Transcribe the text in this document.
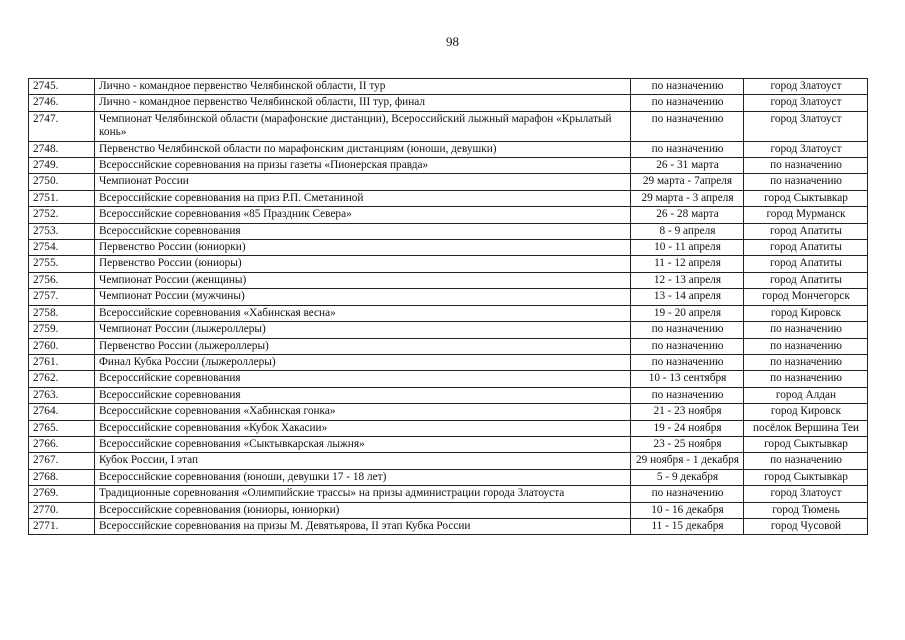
98
2745.	Лично - командное первенство Челябинской области, II тур	по назначению	город Златоуст
2746.	Лично - командное первенство Челябинской области, III тур, финал	по назначению	город Златоуст
2747.	Чемпионат Челябинской области (марафонские дистанции), Всероссийский лыжный марафон «Крылатый конь»	по назначению	город Златоуст
2748.	Первенство Челябинской области по марафонским дистанциям (юноши, девушки)	по назначению	город Златоуст
2749.	Всероссийские соревнования на призы газеты «Пионерская правда»	26 - 31 марта	по назначению
2750.	Чемпионат России	29 марта - 7апреля	по назначению
2751.	Всероссийские соревнования на приз Р.П. Сметаниной	29 марта - 3 апреля	город Сыктывкар
2752.	Всероссийские соревнования «85 Праздник Севера»	26 - 28 марта	город Мурманск
2753.	Всероссийские соревнования	8 - 9 апреля	город Апатиты
2754.	Первенство России (юниорки)	10 - 11 апреля	город Апатиты
2755.	Первенство России (юниоры)	11 - 12 апреля	город Апатиты
2756.	Чемпионат России (женщины)	12 - 13 апреля	город Апатиты
2757.	Чемпионат России (мужчины)	13 - 14 апреля	город Мончегорск
2758.	Всероссийские соревнования «Хабинская весна»	19 - 20 апреля	город Кировск
2759.	Чемпионат России (лыжероллеры)	по назначению	по назначению
2760.	Первенство России (лыжероллеры)	по назначению	по назначению
2761.	Финал Кубка России (лыжероллеры)	по назначению	по назначению
2762.	Всероссийские соревнования	10 - 13 сентября	по назначению
2763.	Всероссийские соревнования	по назначению	город Алдан
2764.	Всероссийские соревнования «Хабинская гонка»	21 - 23 ноября	город Кировск
2765.	Всероссийские соревнования «Кубок Хакасии»	19 - 24 ноября	посёлок Вершина Теи
2766.	Всероссийские соревнования «Сыктывкарская лыжня»	23 - 25 ноября	город Сыктывкар
2767.	Кубок России, I этап	29 ноября - 1 декабря	по назначению
2768.	Всероссийские соревнования (юноши, девушки 17 - 18 лет)	5 - 9 декабря	город Сыктывкар
2769.	Традиционные соревнования «Олимпийские трассы» на призы администрации города Златоуста	по назначению	город Златоуст
2770.	Всероссийские соревнования (юниоры, юниорки)	10 - 16 декабря	город Тюмень
2771.	Всероссийские соревнования на призы М. Девятьярова, II этап Кубка России	11 - 15 декабря	город Чусовой
